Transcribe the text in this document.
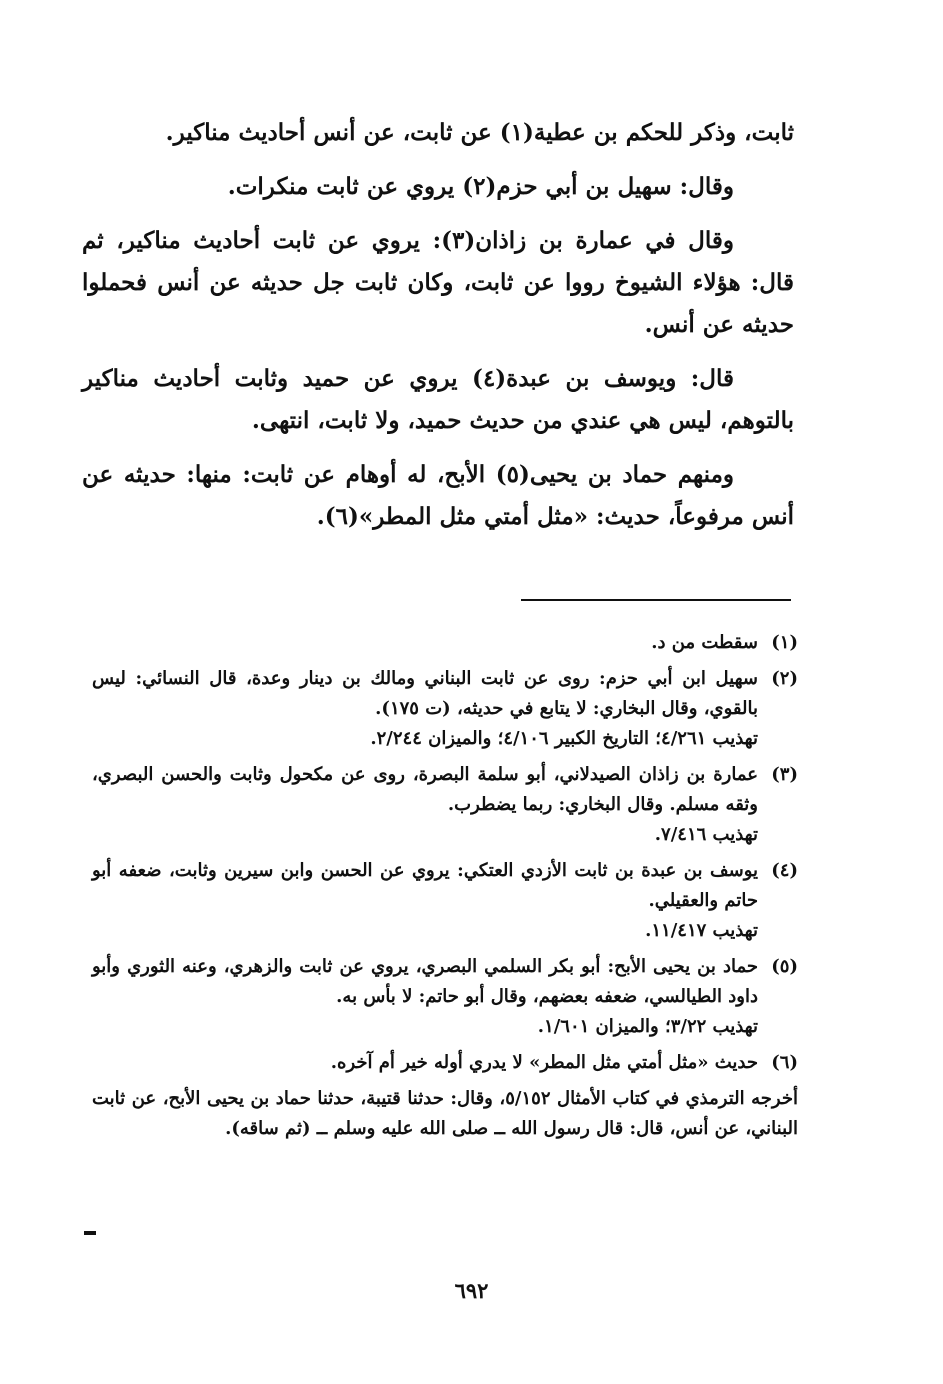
ثابت، وذكر للحكم بن عطية(١) عن ثابت، عن أنس أحاديث مناكير.

وقال: سهيل بن أبي حزم(٢) يروي عن ثابت منكرات.

وقال في عمارة بن زاذان(٣): يروي عن ثابت أحاديث مناكير، ثم قال: هؤلاء الشيوخ رووا عن ثابت، وكان ثابت جل حديثه عن أنس فحملوا حديثه عن أنس.

قال: ويوسف بن عبدة(٤) يروي عن حميد وثابت أحاديث مناكير بالتوهم، ليس هي عندي من حديث حميد، ولا ثابت، انتهى.

ومنهم حماد بن يحيى(٥) الأبح، له أوهام عن ثابت: منها: حديثه عن أنس مرفوعاً، حديث: «مثل أمتي مثل المطر»(٦).

(١)
سقطت من د.
(٢)
سهيل ابن أبي حزم: روى عن ثابت البناني ومالك بن دينار وعدة، قال النسائي: ليس بالقوي، وقال البخاري: لا يتابع في حديثه، (ت ١٧٥).
تهذيب ٤/٢٦١؛ التاريخ الكبير ٤/١٠٦؛ والميزان ٢/٢٤٤.
(٣)
عمارة بن زاذان الصيدلاني، أبو سلمة البصرة، روى عن مكحول وثابت والحسن البصري، وثقه مسلم. وقال البخاري: ربما يضطرب.
تهذيب ٧/٤١٦.
(٤)
يوسف بن عبدة بن ثابت الأزدي العتكي: يروي عن الحسن وابن سيرين وثابت، ضعفه أبو حاتم والعقيلي.
تهذيب ١١/٤١٧.
(٥)
حماد بن يحيى الأبح: أبو بكر السلمي البصري، يروي عن ثابت والزهري، وعنه الثوري وأبو داود الطيالسي، ضعفه بعضهم، وقال أبو حاتم: لا بأس به.
تهذيب ٣/٢٢؛ والميزان ١/٦٠١.
(٦)
حديث «مثل أمتي مثل المطر» لا يدري أوله خير أم آخره.
أخرجه الترمذي في كتاب الأمثال ٥/١٥٢، وقال: حدثنا قتيبة، حدثنا حماد بن يحيى الأبح، عن ثابت البناني، عن أنس، قال: قال رسول الله ــ صلى الله عليه وسلم ــ (ثم ساقه).
٦٩٢
